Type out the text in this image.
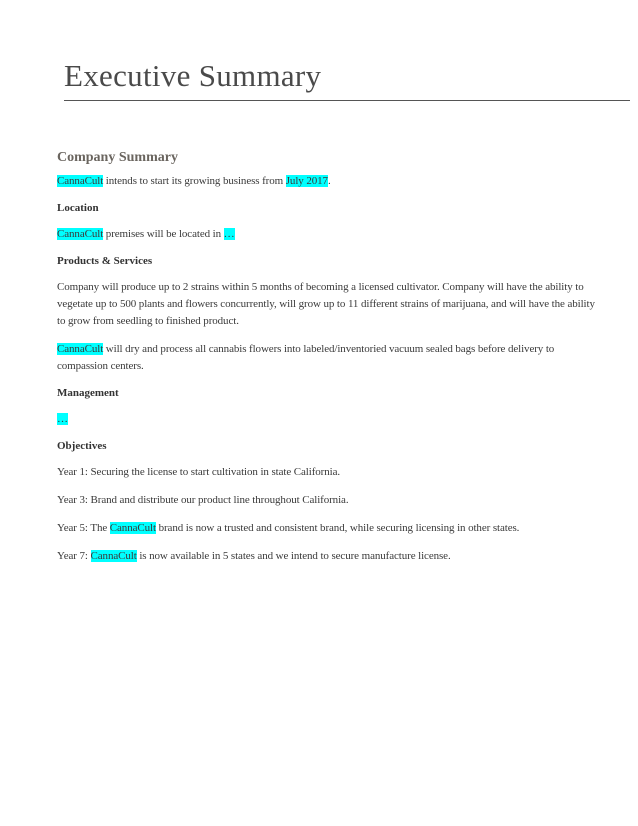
Executive Summary
Company Summary
CannaCult intends to start its growing business from July 2017.
Location
CannaCult premises will be located in …
Products & Services
Company will produce up to 2 strains within 5 months of becoming a licensed cultivator. Company will have the ability to vegetate up to 500 plants and flowers concurrently, will grow up to 11 different strains of marijuana, and will have the ability to grow from seedling to finished product.
CannaCult will dry and process all cannabis flowers into labeled/inventoried vacuum sealed bags before delivery to compassion centers.
Management
…
Objectives
Year 1: Securing the license to start cultivation in state California.
Year 3: Brand and distribute our product line throughout California.
Year 5: The CannaCult brand is now a trusted and consistent brand, while securing licensing in other states.
Year 7: CannaCult is now available in 5 states and we intend to secure manufacture license.
